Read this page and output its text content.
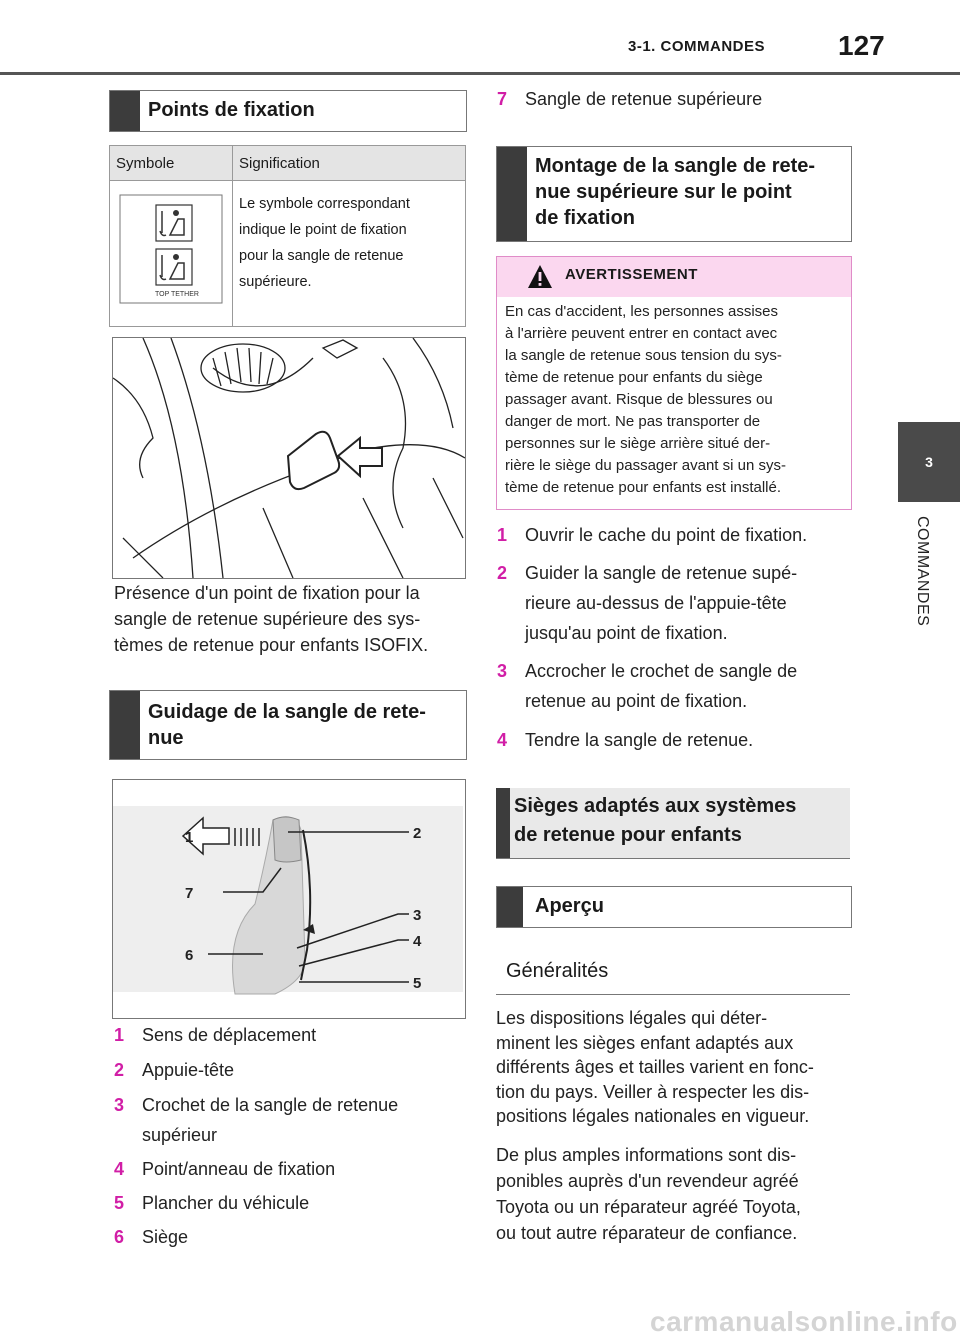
3-1. COMMANDES	127
3
COMMANDES
Points de fixation
Symbole	Signification

TOP TETHER	Le symbole correspondant
indique le point de fixation
pour la sangle de retenue
supérieure.
Présence d'un point de fixation pour la
sangle de retenue supérieure des sys-
tèmes de retenue pour enfants ISOFIX.
Guidage de la sangle de rete-
nue
1	2
3
4
5
6
7
1 Sens de déplacement
2 Appuie-tête
3 Crochet de la sangle de retenue
supérieur
4 Point/anneau de fixation
5 Plancher du véhicule
6 Siège
7 Sangle de retenue supérieure
Montage de la sangle de rete-
nue supérieure sur le point
de fixation
AVERTISSEMENT
En cas d'accident, les personnes assises
à l'arrière peuvent entrer en contact avec
la sangle de retenue sous tension du sys-
tème de retenue pour enfants du siège
passager avant. Risque de blessures ou
danger de mort. Ne pas transporter de
personnes sur le siège arrière situé der-
rière le siège du passager avant si un sys-
tème de retenue pour enfants est installé.
1 Ouvrir le cache du point de fixation.
2 Guider la sangle de retenue supé-
rieure au-dessus de l'appuie-tête
jusqu'au point de fixation.
3 Accrocher le crochet de sangle de
retenue au point de fixation.
4 Tendre la sangle de retenue.
Sièges adaptés aux systèmes
de retenue pour enfants
Aperçu
Généralités
Les dispositions légales qui déter-
minent les sièges enfant adaptés aux
différents âges et tailles varient en fonc-
tion du pays. Veiller à respecter les dis-
positions légales nationales en vigueur.
De plus amples informations sont dis-
ponibles auprès d'un revendeur agréé
Toyota ou un réparateur agréé Toyota,
ou tout autre réparateur de confiance.
carmanualsonline.info
